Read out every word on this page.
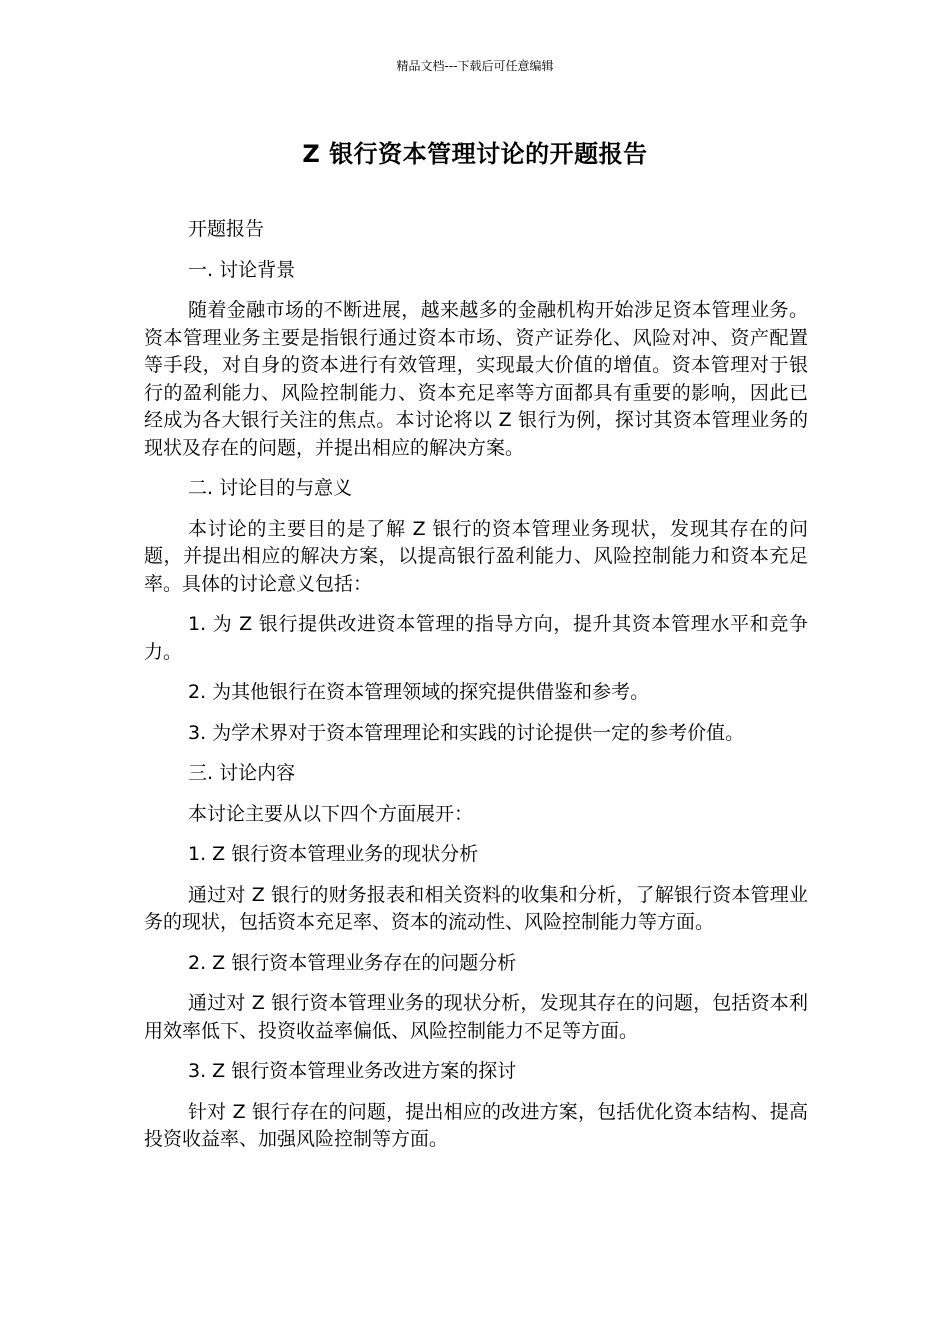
精品文档---下载后可任意编辑
Z 银行资本管理讨论的开题报告

开题报告

一. 讨论背景

随着金融市场的不断进展，越来越多的金融机构开始涉足资本管理业务。资本管理业务主要是指银行通过资本市场、资产证券化、风险对冲、资产配置等手段，对自身的资本进行有效管理，实现最大价值的增值。资本管理对于银行的盈利能力、风险控制能力、资本充足率等方面都具有重要的影响，因此已经成为各大银行关注的焦点。本讨论将以 Z 银行为例，探讨其资本管理业务的现状及存在的问题，并提出相应的解决方案。

二. 讨论目的与意义

本讨论的主要目的是了解 Z 银行的资本管理业务现状，发现其存在的问题，并提出相应的解决方案，以提高银行盈利能力、风险控制能力和资本充足率。具体的讨论意义包括：

1. 为 Z 银行提供改进资本管理的指导方向，提升其资本管理水平和竞争力。

2. 为其他银行在资本管理领域的探究提供借鉴和参考。

3. 为学术界对于资本管理理论和实践的讨论提供一定的参考价值。

三. 讨论内容

本讨论主要从以下四个方面展开：

1. Z 银行资本管理业务的现状分析

通过对 Z 银行的财务报表和相关资料的收集和分析，了解银行资本管理业务的现状，包括资本充足率、资本的流动性、风险控制能力等方面。

2. Z 银行资本管理业务存在的问题分析

通过对 Z 银行资本管理业务的现状分析，发现其存在的问题，包括资本利用效率低下、投资收益率偏低、风险控制能力不足等方面。

3. Z 银行资本管理业务改进方案的探讨

针对 Z 银行存在的问题，提出相应的改进方案，包括优化资本结构、提高投资收益率、加强风险控制等方面。
